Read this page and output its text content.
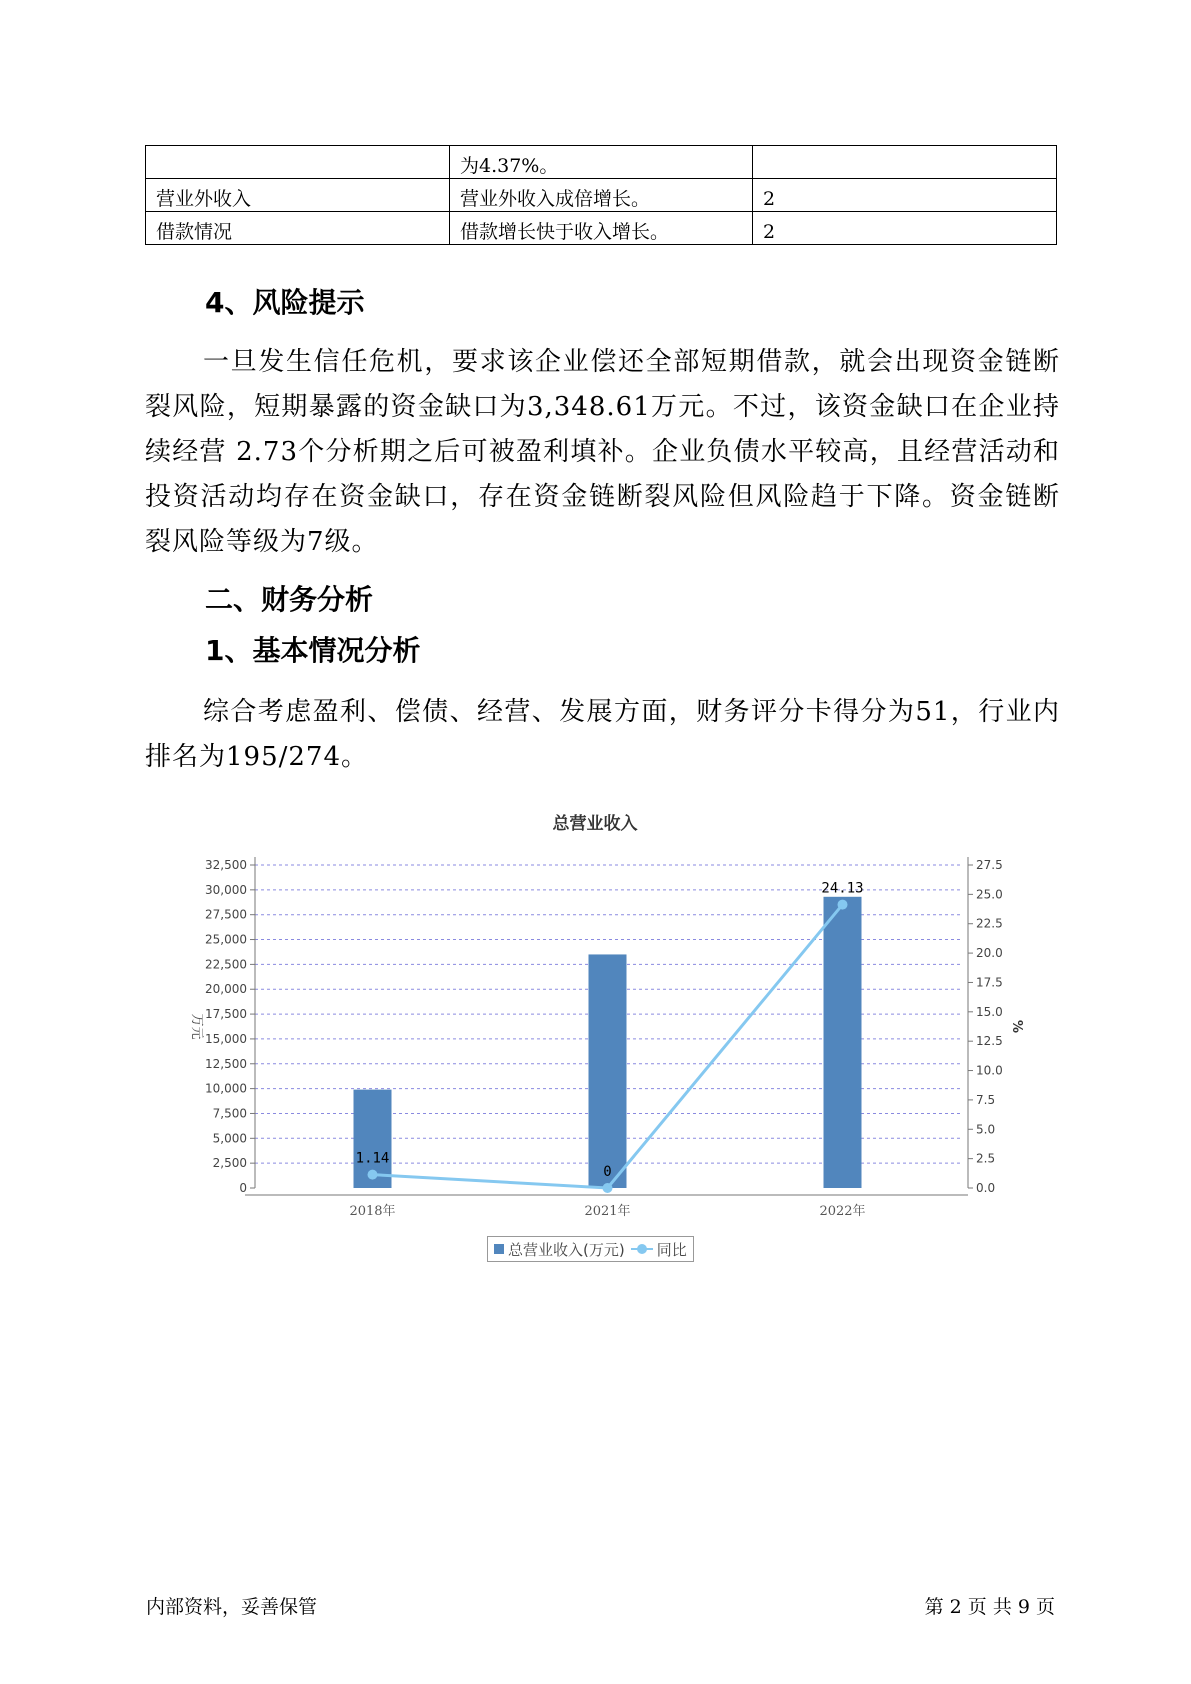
	为4.37%。	
营业外收入	营业外收入成倍增长。	2
借款情况	借款增长快于收入增长。	2
4、风险提示
一旦发生信任危机，要求该企业偿还全部短期借款，就会出现资金链断裂风险，短期暴露的资金缺口为3,348.61万元。不过，该资金缺口在企业持续经营 2.73个分析期之后可被盈利填补。企业负债水平较高，且经营活动和投资活动均存在资金缺口，存在资金链断裂风险但风险趋于下降。资金链断裂风险等级为7级。
二、财务分析
1、基本情况分析
综合考虑盈利、偿债、经营、发展方面，财务评分卡得分为51，行业内排名为195/274。
总营业收入
0
2,500
5,000
7,500
10,000
12,500
15,000
17,500
20,000
22,500
25,000
27,500
30,000
32,500
0.0
2.5
5.0
7.5
10.0
12.5
15.0
17.5
20.0
22.5
25.0
27.5
万元	%
2018年	2021年	2022年
1.14
0
24.13
总营业收入(万元) 同比
内部资料，妥善保管	第 2 页 共 9 页
